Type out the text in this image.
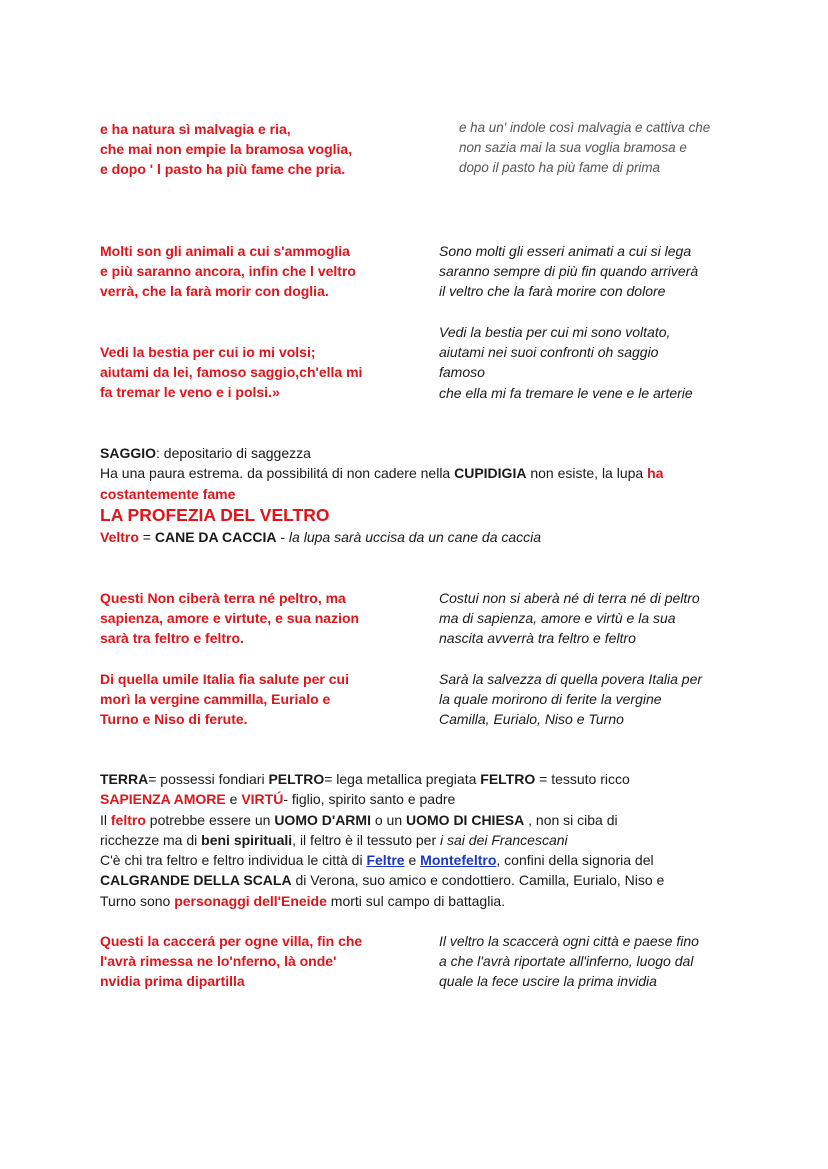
e ha natura sì malvagia e ria,
che mai non empie la bramosa voglia,
e dopo ' l pasto ha più fame che pria.
e ha un' indole così malvagia e cattiva che
non sazia mai la sua voglia bramosa e
dopo il pasto ha più fame di prima
Molti son gli animali a cui s'ammoglia
e più saranno ancora, infin che l veltro
verrà, che la farà morir con doglia.
Sono molti gli esseri animati a cui si lega
saranno sempre di più fin quando arriverà
il veltro che la farà morire con dolore
Vedi la bestia per cui io mi volsi;
aiutami da lei, famoso saggio,ch'ella mi
fa tremar le veno e i polsi.»
Vedi la bestia per cui mi sono voltato,
aiutami nei suoi confronti oh saggio
famoso
che ella mi fa tremare le vene e le arterie
SAGGIO: depositario di saggezza
Ha una paura estrema. da possibilitá di non cadere nella CUPIDIGIA non esiste, la lupa ha
costantemente fame
LA PROFEZIA DEL VELTRO
Veltro = CANE DA CACCIA - la lupa sarà uccisa da un cane da caccia
Questi Non ciberà terra né peltro, ma
sapienza, amore e virtute, e sua nazion
sarà tra feltro e feltro.
Costui non si aberà né di terra né di peltro
ma di sapienza, amore e virtù e la sua
nascita avverrà tra feltro e feltro
Di quella umile Italia fia salute per cui
morì la vergine cammilla, Eurialo e
Turno e Niso di ferute.
Sarà la salvezza di quella povera Italia per
la quale morirono di ferite la vergine
Camilla, Eurialo, Niso e Turno
TERRA= possessi fondiari PELTRO= lega metallica pregiata FELTRO = tessuto ricco
SAPIENZA AMORE e VIRTÚ- figlio, spirito santo e padre
Il feltro potrebbe essere un UOMO D'ARMI o un UOMO DI CHIESA , non si ciba di
ricchezze ma di beni spirituali, il feltro è il tessuto per i sai dei Francescani
C'è chi tra feltro e feltro individua le città di Feltre e Montefeltro, confini della signoria del
CALGRANDE DELLA SCALA di Verona, suo amico e condottiero. Camilla, Eurialo, Niso e
Turno sono personaggi dell'Eneide morti sul campo di battaglia.
Questi la caccerá per ogne villa, fin che
l'avrà rimessa ne lo'nferno, là onde'
nvidia prima dipartilla
Il veltro la scaccerà ogni città e paese fino
a che l'avrà riportate all'inferno, luogo dal
quale la fece uscire la prima invidia
